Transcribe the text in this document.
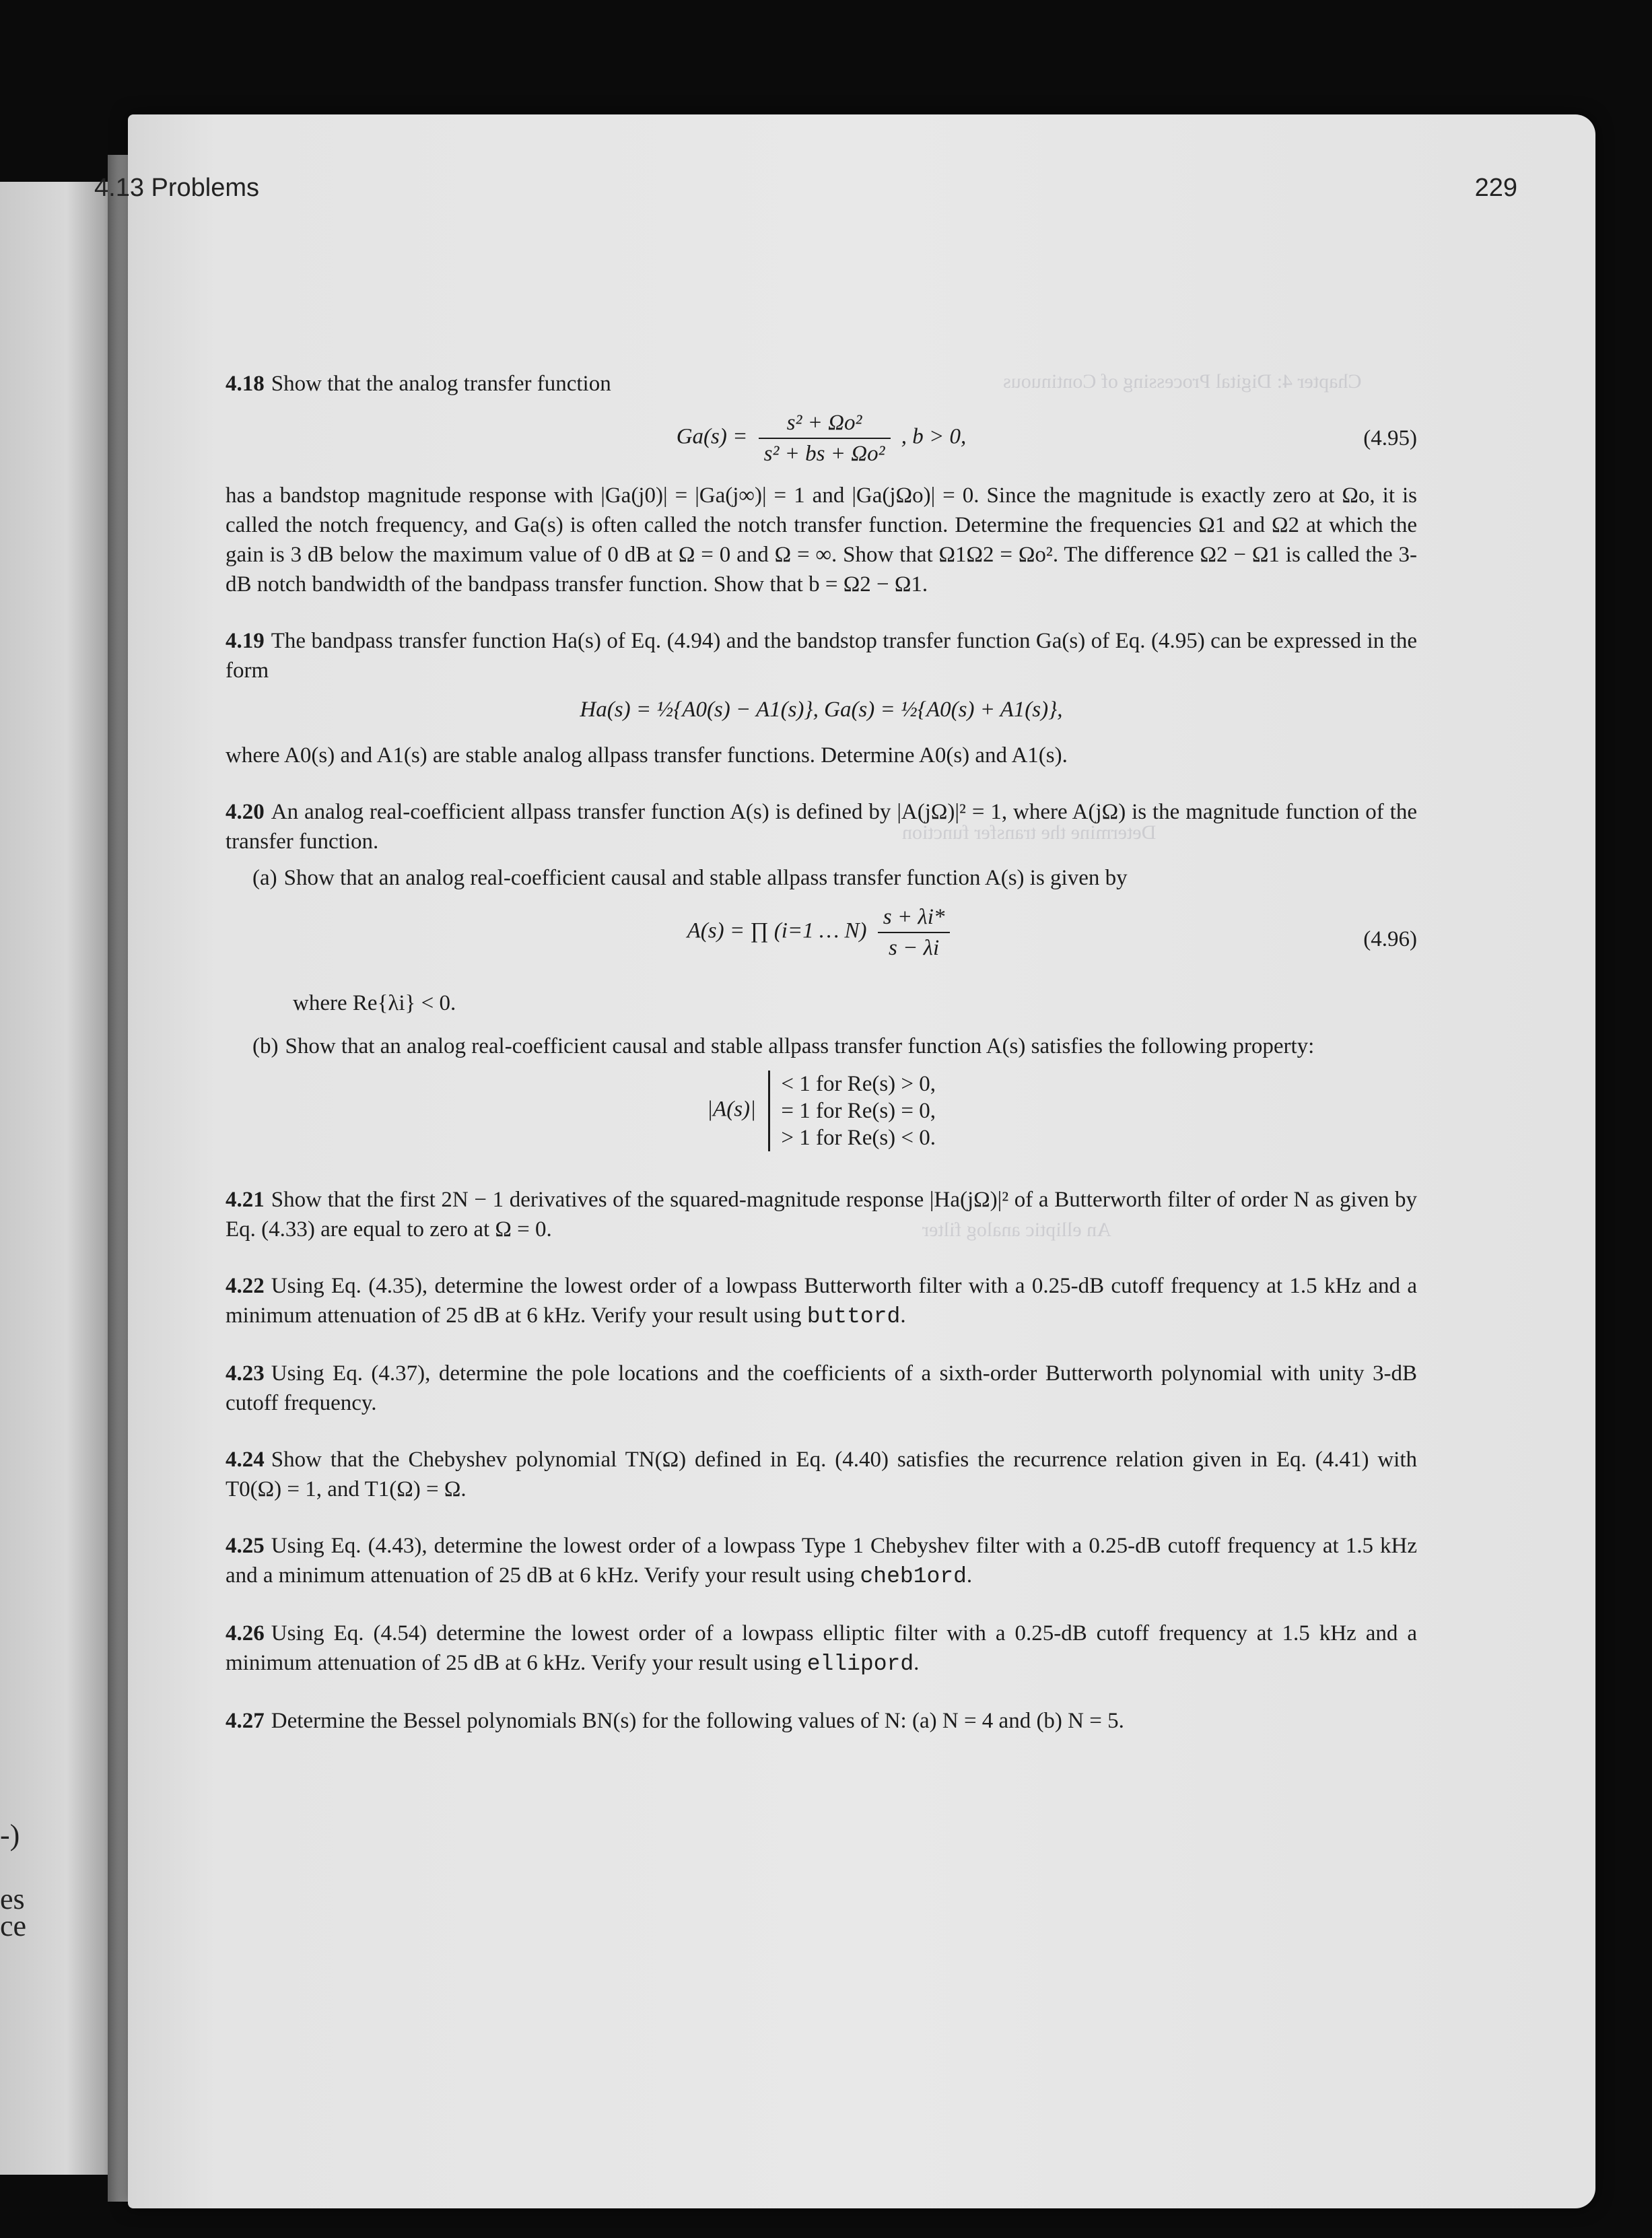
-)
es
ce
Chapter 4: Digital Processing of Continuous
Determine the transfer function
An elliptic analog filter
4.13 Problems	229
4.18 Show that the analog transfer function
$Ga(s) = \frac{\text{s² + Ωo²}}{\text{s² + bs + Ωo²}}$ , b > 0,	(4.95)
has a bandstop magnitude response with |Ga(j0)| = |Ga(j∞)| = 1 and |Ga(jΩo)| = 0. Since the magnitude is exactly zero at Ωo, it is called the notch frequency, and Ga(s) is often called the notch transfer function. Determine the frequencies Ω1 and Ω2 at which the gain is 3 dB below the maximum value of 0 dB at Ω = 0 and Ω = ∞. Show that Ω1Ω2 = Ωo². The difference Ω2 − Ω1 is called the 3-dB notch bandwidth of the bandpass transfer function. Show that b = Ω2 − Ω1.
4.19 The bandpass transfer function Ha(s) of Eq. (4.94) and the bandstop transfer function Ga(s) of Eq. (4.95) can be expressed in the form
Ha(s) = ½{A0(s) − A1(s)}, Ga(s) = ½{A0(s) + A1(s)},
where A0(s) and A1(s) are stable analog allpass transfer functions. Determine A0(s) and A1(s).
4.20 An analog real-coefficient allpass transfer function A(s) is defined by |A(jΩ)|² = 1, where A(jΩ) is the magnitude function of the transfer function.
(a) Show that an analog real-coefficient causal and stable allpass transfer function A(s) is given by
A(s) = ∏ (i=1 … $N) \frac{s + \lambda i*}{s - \lambda i}$	(4.96)
where Re{λi} < 0.
(b) Show that an analog real-coefficient causal and stable allpass transfer function A(s) satisfies the following property:
|A(s)|
< 1 for Re(s) > 0,
= 1 for Re(s) = 0,
> 1 for Re(s) < 0.
4.21 Show that the first 2N − 1 derivatives of the squared-magnitude response |Ha(jΩ)|² of a Butterworth filter of order N as given by Eq. (4.33) are equal to zero at Ω = 0.
4.22 Using Eq. (4.35), determine the lowest order of a lowpass Butterworth filter with a 0.25-dB cutoff frequency at 1.5 kHz and a minimum attenuation of 25 dB at 6 kHz. Verify your result using buttord.
4.23 Using Eq. (4.37), determine the pole locations and the coefficients of a sixth-order Butterworth polynomial with unity 3-dB cutoff frequency.
4.24 Show that the Chebyshev polynomial TN(Ω) defined in Eq. (4.40) satisfies the recurrence relation given in Eq. (4.41) with T0(Ω) = 1, and T1(Ω) = Ω.
4.25 Using Eq. (4.43), determine the lowest order of a lowpass Type 1 Chebyshev filter with a 0.25-dB cutoff frequency at 1.5 kHz and a minimum attenuation of 25 dB at 6 kHz. Verify your result using cheb1ord.
4.26 Using Eq. (4.54) determine the lowest order of a lowpass elliptic filter with a 0.25-dB cutoff frequency at 1.5 kHz and a minimum attenuation of 25 dB at 6 kHz. Verify your result using ellipord.
4.27 Determine the Bessel polynomials BN(s) for the following values of N: (a) N = 4 and (b) N = 5.
